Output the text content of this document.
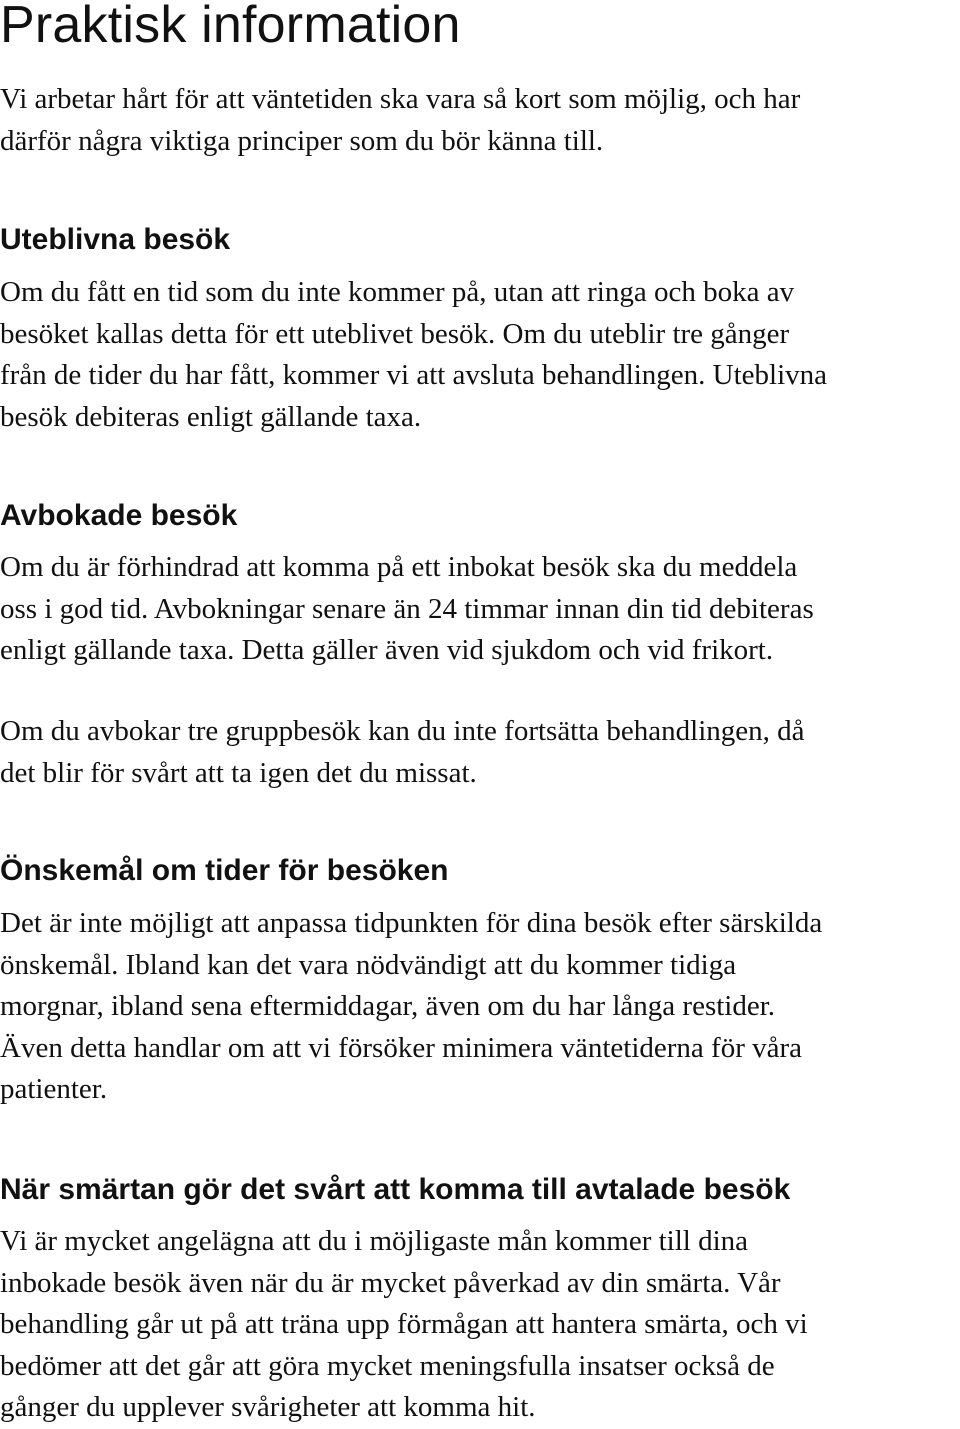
Praktisk information

Vi arbetar hårt för att väntetiden ska vara så kort som möjlig, och har
därför några viktiga principer som du bör känna till.

Uteblivna besök

Om du fått en tid som du inte kommer på, utan att ringa och boka av
besöket kallas detta för ett uteblivet besök. Om du uteblir tre gånger
från de tider du har fått, kommer vi att avsluta behandlingen. Uteblivna
besök debiteras enligt gällande taxa.

Avbokade besök

Om du är förhindrad att komma på ett inbokat besök ska du meddela
oss i god tid. Avbokningar senare än 24 timmar innan din tid debiteras
enligt gällande taxa. Detta gäller även vid sjukdom och vid frikort.

Om du avbokar tre gruppbesök kan du inte fortsätta behandlingen, då
det blir för svårt att ta igen det du missat.

Önskemål om tider för besöken

Det är inte möjligt att anpassa tidpunkten för dina besök efter särskilda
önskemål. Ibland kan det vara nödvändigt att du kommer tidiga
morgnar, ibland sena eftermiddagar, även om du har långa restider.
Även detta handlar om att vi försöker minimera väntetiderna för våra
patienter.

När smärtan gör det svårt att komma till avtalade besök

Vi är mycket angelägna att du i möjligaste mån kommer till dina
inbokade besök även när du är mycket påverkad av din smärta. Vår
behandling går ut på att träna upp förmågan att hantera smärta, och vi
bedömer att det går att göra mycket meningsfulla insatser också de
gånger du upplever svårigheter att komma hit.
